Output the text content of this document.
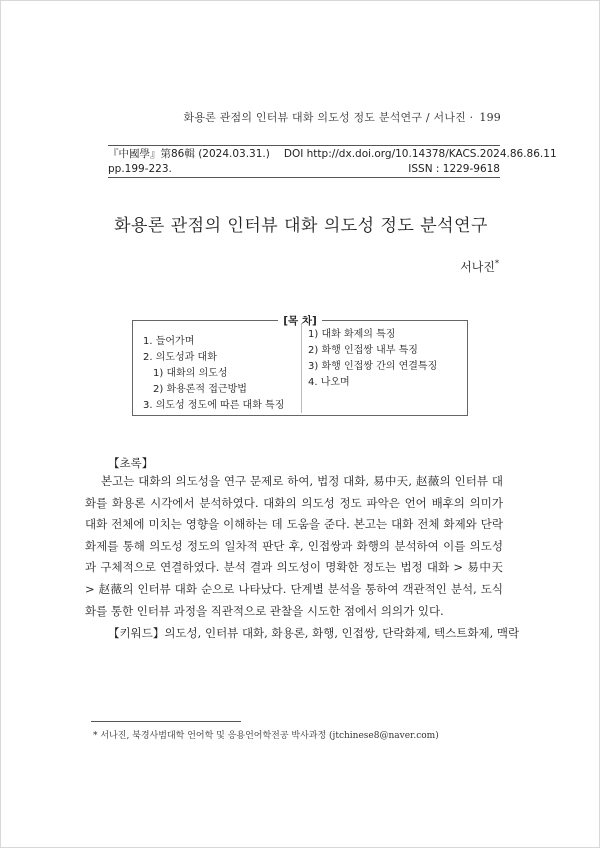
화용론 관점의 인터뷰 대화 의도성 정도 분석연구 / 서나진 · 199
『中國學』第86輯 (2024.03.31.) DOI http://dx.doi.org/10.14378/KACS.2024.86.86.11
pp.199-223.	ISSN : 1229-9618
화용론 관점의 인터뷰 대화 의도성 정도 분석연구
서나진*
[목 차]
1. 들어가며
2. 의도성과 대화
1) 대화의 의도성
2) 화용론적 접근방법
3. 의도성 정도에 따른 대화 특징
1) 대화 화제의 특징
2) 화행 인접쌍 내부 특징
3) 화행 인접쌍 간의 연결특징
4. 나오며
【초록】
본고는 대화의 의도성을 연구 문제로 하여, 법정 대화, 易中天, 赵薇의 인터뷰 대화를 화용론 시각에서 분석하였다. 대화의 의도성 정도 파악은 언어 배후의 의미가 대화 전체에 미치는 영향을 이해하는 데 도움을 준다. 본고는 대화 전체 화제와 단락 화제를 통해 의도성 정도의 일차적 판단 후, 인접쌍과 화행의 분석하여 이를 의도성과 구체적으로 연결하였다. 분석 결과 의도성이 명확한 정도는 법정 대화 > 易中天 > 赵薇의 인터뷰 대화 순으로 나타났다. 단계별 분석을 통하여 객관적인 분석, 도식화를 통한 인터뷰 과정을 직관적으로 관찰을 시도한 점에서 의의가 있다.
【키워드】의도성, 인터뷰 대화, 화용론, 화행, 인접쌍, 단락화제, 텍스트화제, 맥락
* 서나진, 북경사범대학 언어학 및 응용언어학전공 박사과정 (jtchinese8@naver.com)
